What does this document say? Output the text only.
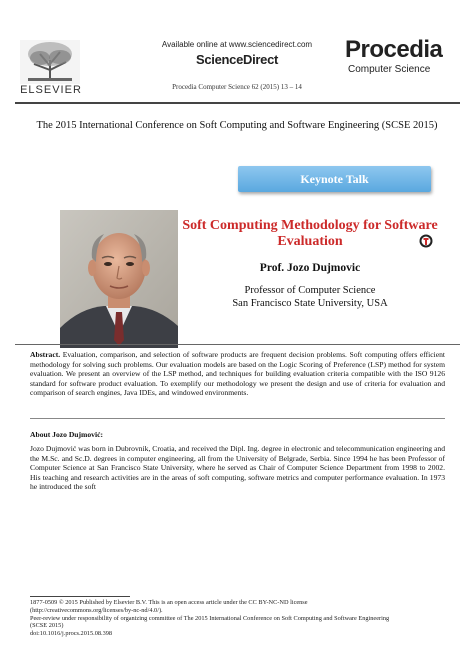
ELSEVIER
Available online at www.sciencedirect.com
ScienceDirect
Procedia Computer Science 62 (2015) 13 – 14
Procedia
Computer Science
The 2015 International Conference on Soft Computing and Software Engineering (SCSE 2015)
Keynote Talk
Soft Computing Methodology for Software Evaluation
Prof. Jozo Dujmovic
Professor of Computer Science
San Francisco State University, USA
Abstract. Evaluation, comparison, and selection of software products are frequent decision problems. Soft computing offers efficient methodology for solving such problems. Our evaluation models are based on the Logic Scoring of Preference (LSP) method for system evaluation. We present an overview of the LSP method, and techniques for building evaluation criteria compatible with the ISO 9126 standard for software product evaluation. To exemplify our methodology we present the design and use of criteria for evaluation and comparison of search engines, Java IDEs, and windowed environments.
About Jozo Dujmović:
Jozo Dujmović was born in Dubrovnik, Croatia, and received the Dipl. Ing. degree in electronic and telecommunication engineering and the M.Sc. and Sc.D. degrees in computer engineering, all from the University of Belgrade, Serbia. Since 1994 he has been Professor of Computer Science at San Francisco State University, where he served as Chair of Computer Science Department from 1998 to 2002. His teaching and research activities are in the areas of soft computing, software metrics and computer performance evaluation. In 1973 he introduced the soft
1877-0509 © 2015 Published by Elsevier B.V. This is an open access article under the CC BY-NC-ND license
(http://creativecommons.org/licenses/by-nc-nd/4.0/).
Peer-review under responsibility of organizing committee of The 2015 International Conference on Soft Computing and Software Engineering
(SCSE 2015)
doi:10.1016/j.procs.2015.08.398
